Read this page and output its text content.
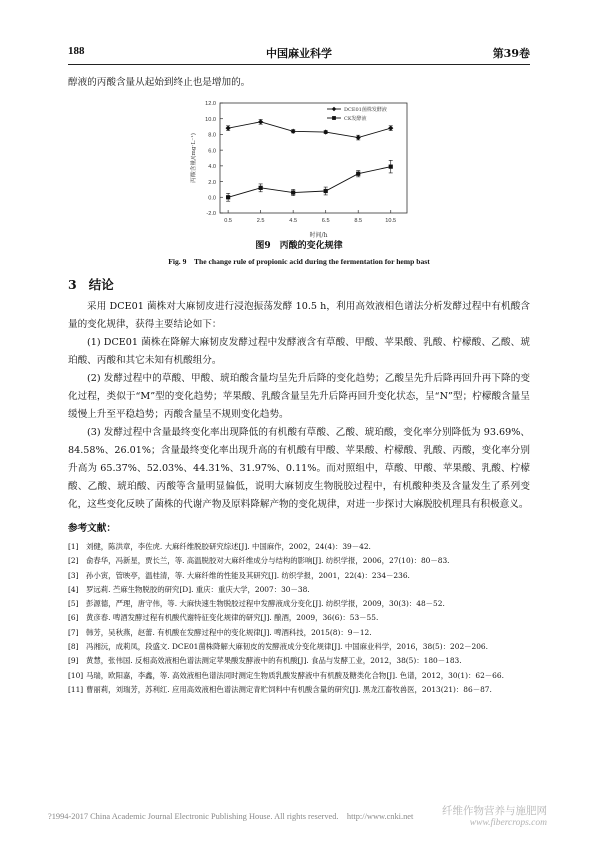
188	中国麻业科学	第39卷
醇液的丙酸含量从起始到终止也是增加的。
-2.0
0.0
2.0
4.0
6.0
8.0
10.0
12.0
0.5	2.5	4.5	6.5	8.5	10.5
时间/h
丙酸含量/(mg·L⁻¹)
DCE01菌株发酵液
CK发酵液
图9　丙酸的变化规律
Fig. 9　The change rule of propionic acid during the fermentation for hemp bast
3 结论
采用 DCE01 菌株对大麻韧皮进行浸泡振荡发酵 10.5 h，利用高效液相色谱法分析发酵过程中有机酸含量的变化规律，获得主要结论如下：
(1) DCE01 菌株在降解大麻韧皮发酵过程中发酵液含有草酸、甲酸、苹果酸、乳酸、柠檬酸、乙酸、琥珀酸、丙酸和其它未知有机酸组分。
(2) 发酵过程中的草酸、甲酸、琥珀酸含量均呈先升后降的变化趋势；乙酸呈先升后降再回升再下降的变化过程，类似于“M”型的变化趋势；苹果酸、乳酸含量呈先升后降再回升变化状态，呈“N”型；柠檬酸含量呈缓慢上升至平稳趋势；丙酸含量呈不规则变化趋势。
(3) 发酵过程中含量最终变化率出现降低的有机酸有草酸、乙酸、琥珀酸，变化率分别降低为 93.69%、84.58%、26.01%；含量最终变化率出现升高的有机酸有甲酸、苹果酸、柠檬酸、乳酸、丙酸，变化率分别升高为 65.37%、52.03%、44.31%、31.97%、0.11%。而对照组中，草酸、甲酸、苹果酸、乳酸、柠檬酸、乙酸、琥珀酸、丙酸等含量明显偏低，说明大麻韧皮生物脱胶过程中，有机酸种类及含量发生了系列变化，这些变化反映了菌株的代谢产物及原料降解产物的变化规律，对进一步探讨大麻脱胶机理具有积极意义。
参考文献：

[1] 刘健，陈洪章，李佐虎. 大麻纤维脱胶研究综述[J]. 中国麻作，2002，24(4)：39－42.

[2] 俞春华，冯新星，贾长兰，等. 高温脱胶对大麻纤维成分与结构的影响[J]. 纺织学报，2006，27(10)：80－83.

[3] 孙小寅，管映亭，温桂清，等. 大麻纤维的性能及其研究[J]. 纺织学报，2001，22(4)：234－236.

[4] 罗远莉. 苎麻生物脱胶的研究[D]. 重庆：重庆大学，2007：30－38.

[5] 彭源德，严理，唐守伟，等. 大麻快速生物脱胶过程中发酵液成分变化[J]. 纺织学报，2009，30(3)：48－52.

[6] 黄彦春. 啤酒发酵过程有机酸代谢特征变化规律的研究[J]. 酿酒，2009，36(6)：53－55.

[7] 韩芳，吴秋燕，赵蕾. 有机酸在发酵过程中的变化规律[J]. 啤酒科技，2015(8)：9－12.

[8] 冯湘沅，成莉凤，段盛文. DCE01菌株降解大麻韧皮的发酵液成分变化规律[J]. 中国麻业科学，2016，38(5)：202－206.

[9] 黄慧，张伟国. 反相高效液相色谱法测定苹果酸发酵液中的有机酸[J]. 食品与发酵工业，2012，38(5)：180－183.

[10] 马瑞，欧阳嘉，李鑫，等. 高效液相色谱法同时测定生物质乳酸发酵液中有机酸及糖类化合物[J]. 色谱，2012，30(1)：62－66.

[11] 曹丽莉，刘瑞芳，苏利红. 应用高效液相色谱法测定青贮饲料中有机酸含量的研究[J]. 黑龙江畜牧兽医，2013(21)：86－87.

?1994-2017 China Academic Journal Electronic Publishing House. All rights reserved.　http://www.cnki.net	纤维作物营养与施肥网
www.fibercrops.com
